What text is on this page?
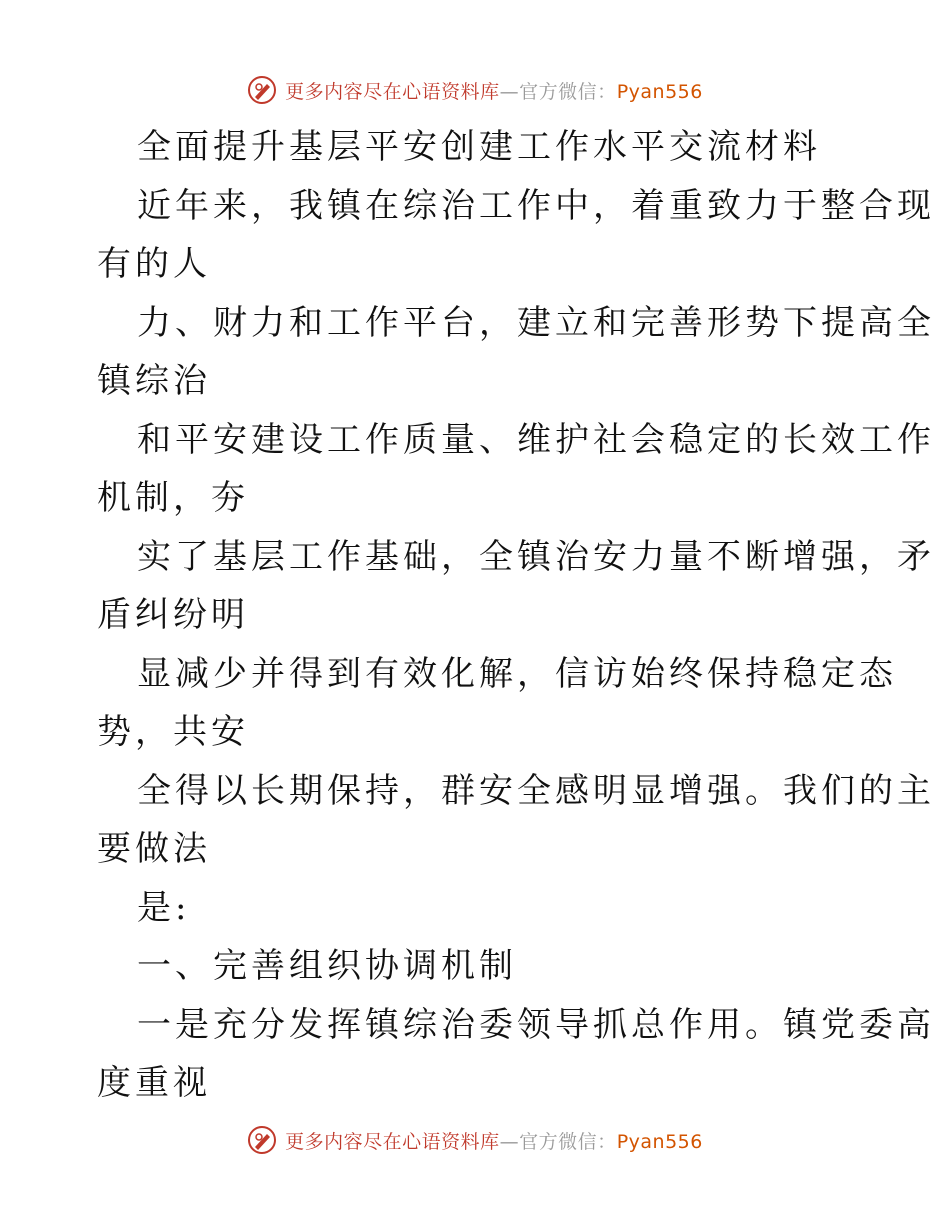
更多内容尽在心语资料库—官方微信：Pyan556

全面提升基层平安创建工作水平交流材料

近年来，我镇在综治工作中，着重致力于整合现

有的人

力、财力和工作平台，建立和完善形势下提高全

镇综治

和平安建设工作质量、维护社会稳定的长效工作

机制，夯

实了基层工作基础，全镇治安力量不断增强，矛

盾纠纷明

显减少并得到有效化解，信访始终保持稳定态

势，共安

全得以长期保持，群安全感明显增强。我们的主

要做法

是:

一、完善组织协调机制

一是充分发挥镇综治委领导抓总作用。镇党委高

度重视

更多内容尽在心语资料库—官方微信：Pyan556
